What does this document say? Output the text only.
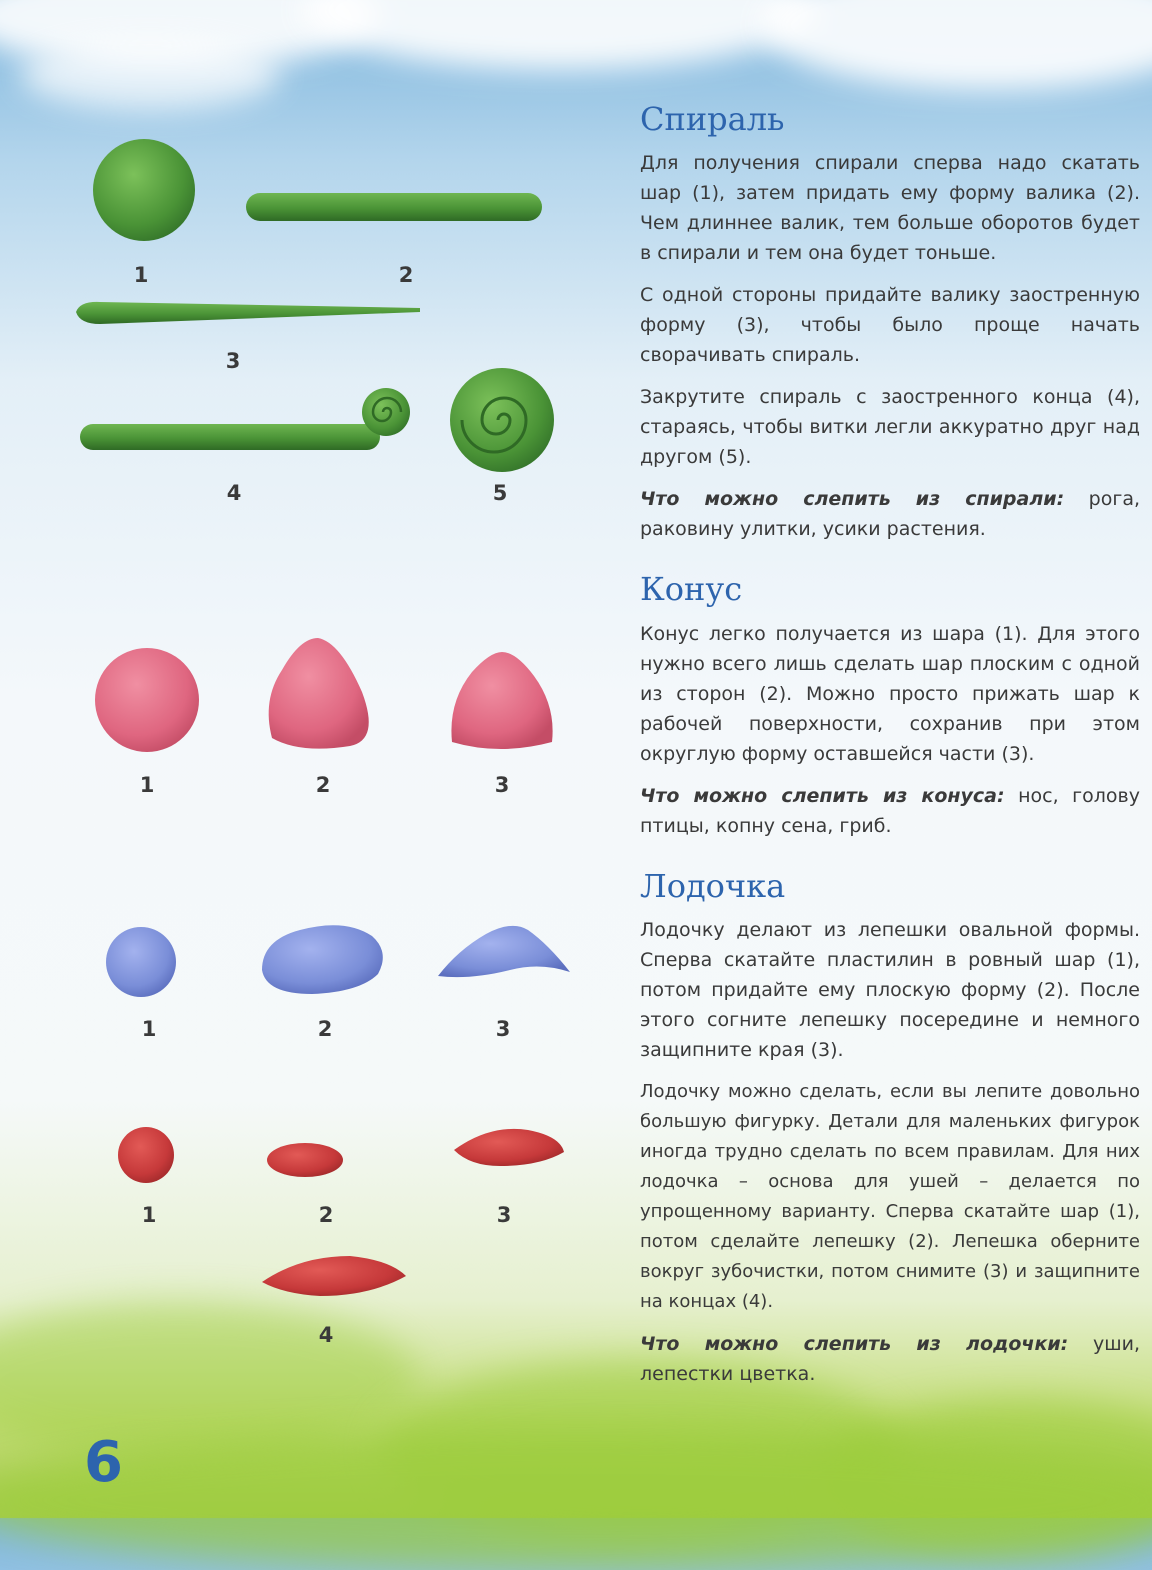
1	2
3
4	5
1	2	3
1	2	3
1	2	3
4
Спираль

Для получения спирали сперва надо скатать шар (1), затем придать ему форму валика (2). Чем длиннее валик, тем больше оборотов будет в спирали и тем она будет тоньше.

С одной стороны придайте валику заостренную форму (3), чтобы было проще начать сворачивать спираль.

Закрутите спираль с заостренного конца (4), стараясь, чтобы витки легли аккуратно друг над другом (5).

Что можно слепить из спирали: рога, раковину улитки, усики растения.

Конус

Конус легко получается из шара (1). Для этого нужно всего лишь сделать шар плоским с одной из сторон (2). Можно просто прижать шар к рабочей поверхности, сохранив при этом округлую форму оставшейся части (3).

Что можно слепить из конуса: нос, голову птицы, копну сена, гриб.

Лодочка

Лодочку делают из лепешки овальной формы. Сперва скатайте пластилин в ровный шар (1), потом придайте ему плоскую форму (2). После этого согните лепешку посередине и немного защипните края (3).

Лодочку можно сделать, если вы лепите довольно большую фигурку. Детали для маленьких фигурок иногда трудно сделать по всем правилам. Для них лодочка – основа для ушей – делается по упрощенному варианту. Сперва скатайте шар (1), потом сделайте лепешку (2). Лепешка оберните вокруг зубочистки, потом снимите (3) и защипните на концах (4).

Что можно слепить из лодочки: уши, лепестки цветка.

6
